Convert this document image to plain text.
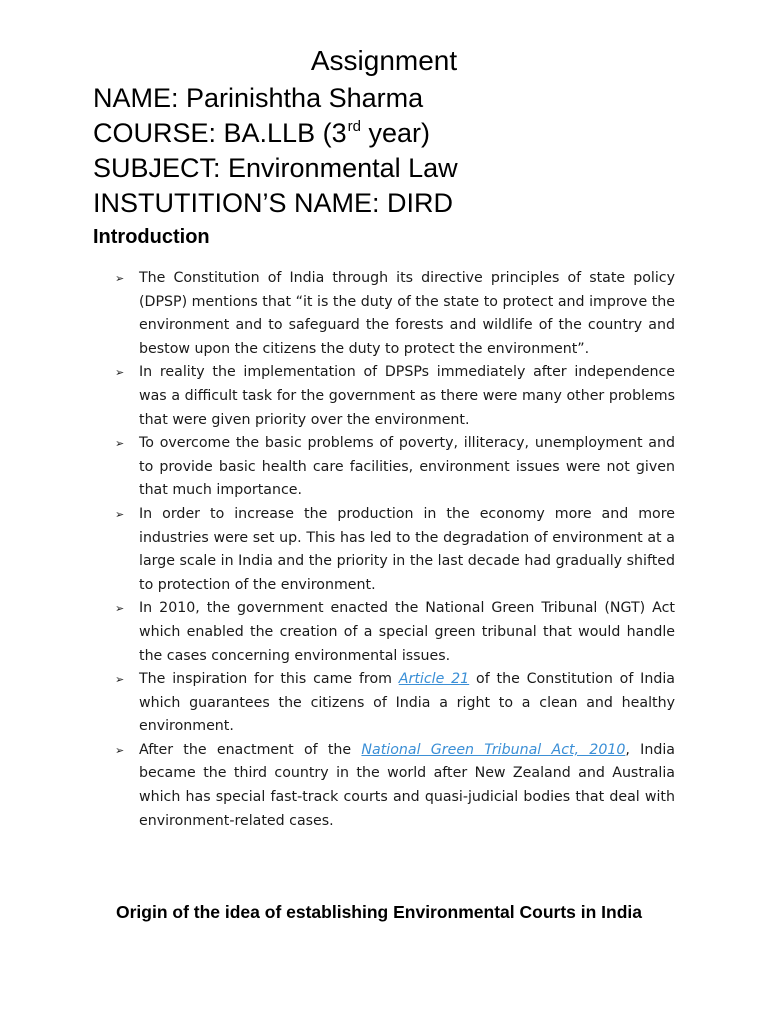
Assignment
NAME: Parinishtha Sharma
COURSE: BA.LLB (3rd year)
SUBJECT: Environmental Law
INSTUTITION’S NAME: DIRD
Introduction
➢ The Constitution of India through its directive principles of state policy (DPSP) mentions that “it is the duty of the state to protect and improve the environment and to safeguard the forests and wildlife of the country and bestow upon the citizens the duty to protect the environment”.
➢ In reality the implementation of DPSPs immediately after independence was a difficult task for the government as there were many other problems that were given priority over the environment.
➢ To overcome the basic problems of poverty, illiteracy, unemployment and to provide basic health care facilities, environment issues were not given that much importance.
➢ In order to increase the production in the economy more and more industries were set up. This has led to the degradation of environment at a large scale in India and the priority in the last decade had gradually shifted to protection of the environment.
➢ In 2010, the government enacted the National Green Tribunal (NGT) Act which enabled the creation of a special green tribunal that would handle the cases concerning environmental issues.
➢ The inspiration for this came from Article 21 of the Constitution of India which guarantees the citizens of India a right to a clean and healthy environment.
➢ After the enactment of the National Green Tribunal Act, 2010, India became the third country in the world after New Zealand and Australia which has special fast-track courts and quasi-judicial bodies that deal with environment-related cases.
Origin of the idea of establishing Environmental Courts in India
